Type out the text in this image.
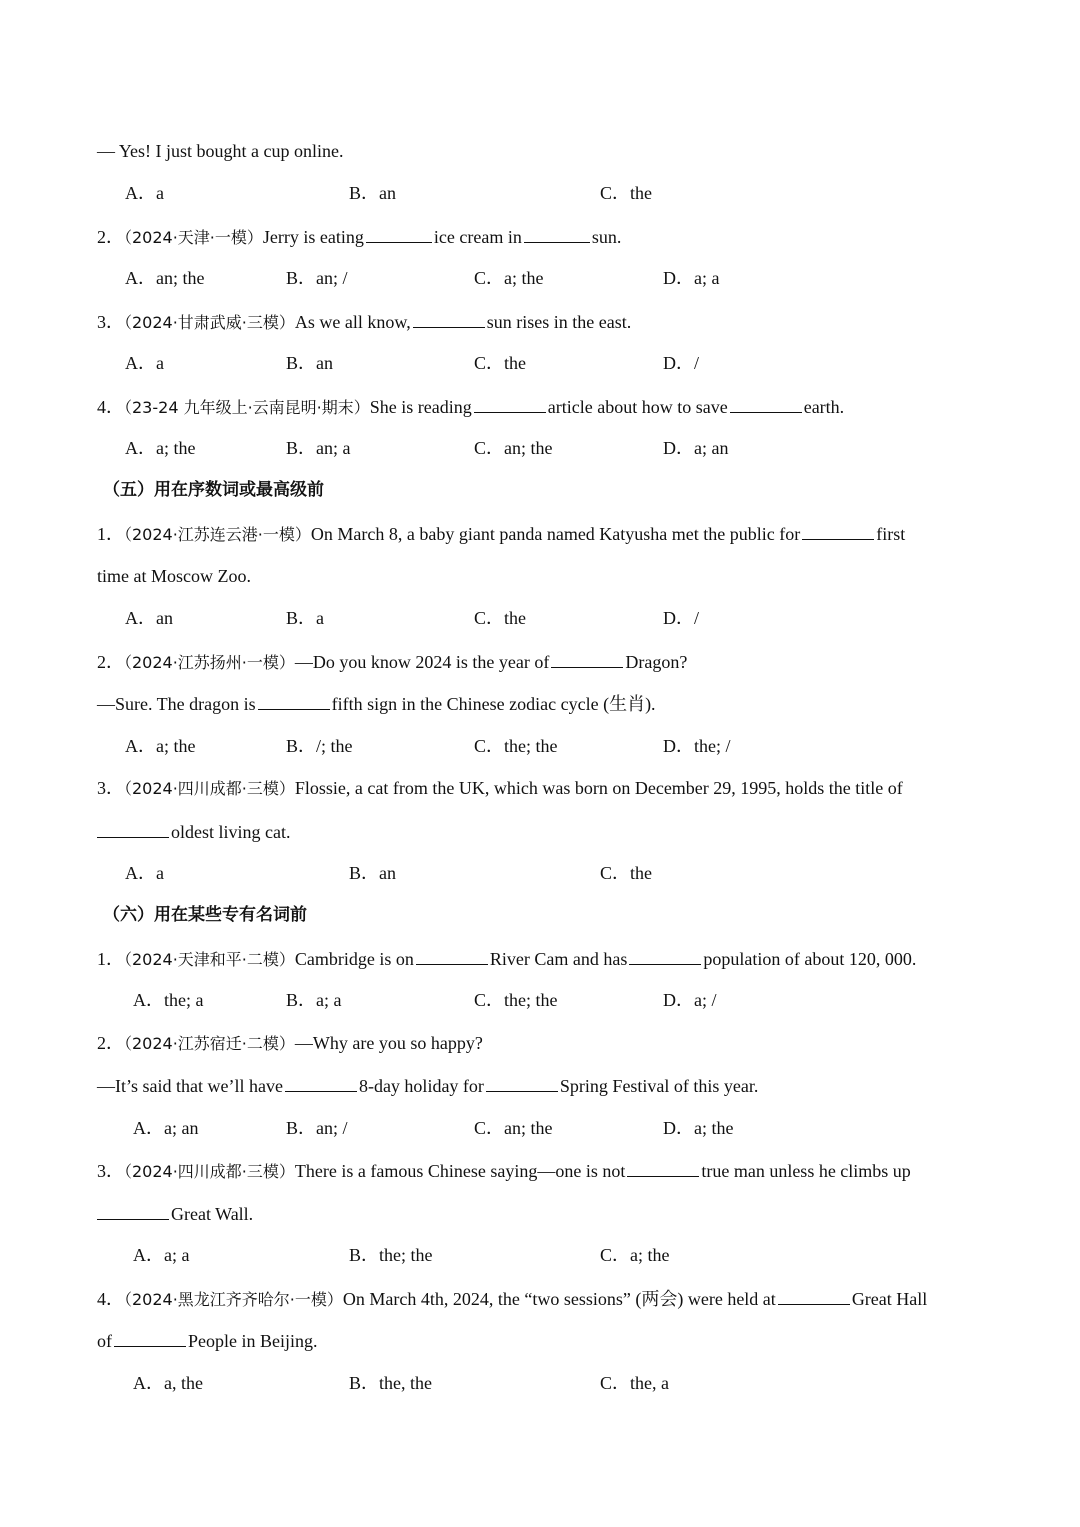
— Yes! I just bought a cup online.
A．a	B．an	C．the
2．（2024·天津·一模）Jerry is eating	ice cream in	sun.
A．an; the	B．an; /	C．a; the	D．a; a
3．（2024·甘肃武威·三模）As we all know,	sun rises in the east.
A．a	B．an	C．the	D．/
4．（23-24 九年级上·云南昆明·期末）She is reading	article about how to save	earth.
A．a; the	B．an; a	C．an; the	D．a; an
（五）用在序数词或最高级前
1．（2024·江苏连云港·一模）On March 8, a baby giant panda named Katyusha met the public for	first
time at Moscow Zoo.
A．an	B．a	C．the	D．/
2．（2024·江苏扬州·一模）—Do you know 2024 is the year of	Dragon?
—Sure. The dragon is	fifth sign in the Chinese zodiac cycle (生肖).
A．a; the	B．/; the	C．the; the	D．the; /
3．（2024·四川成都·三模）Flossie, a cat from the UK, which was born on December 29, 1995, holds the title of
oldest living cat.
A．a	B．an	C．the
（六）用在某些专有名词前
1．（2024·天津和平·二模）Cambridge is on	River Cam and has	population of about 120, 000.
A．the; a	B．a; a	C．the; the	D．a; /
2．（2024·江苏宿迁·二模）—Why are you so happy?
—It’s said that we’ll have	8-day holiday for	Spring Festival of this year.
A．a; an	B．an; /	C．an; the	D．a; the
3．（2024·四川成都·三模）There is a famous Chinese saying—one is not	true man unless he climbs up
Great Wall.
A．a; a	B．the; the	C．a; the
4．（2024·黑龙江齐齐哈尔·一模）On March 4th, 2024, the “two sessions” (两会) were held at	Great Hall
of	People in Beijing.
A．a, the	B．the, the	C．the, a
